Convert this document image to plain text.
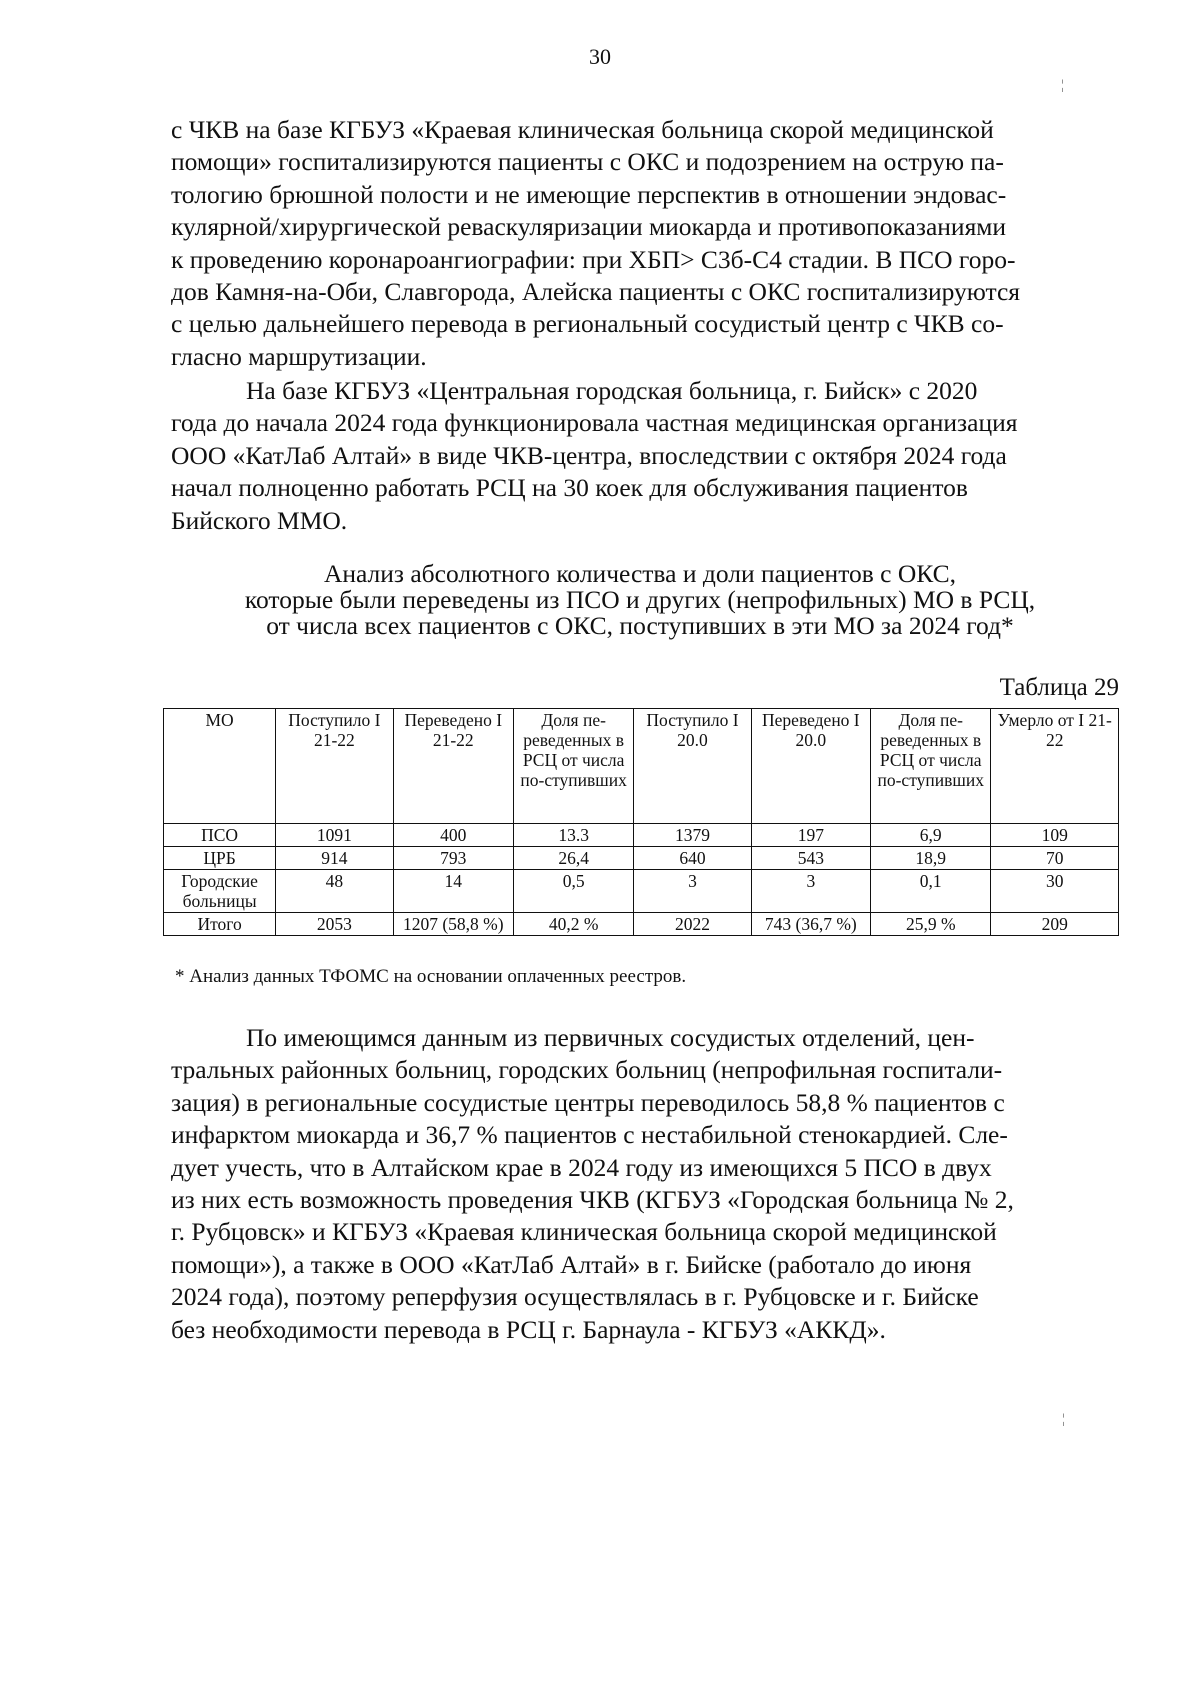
30
с ЧКВ на базе КГБУЗ «Краевая клиническая больница скорой медицинской
помощи» госпитализируются пациенты с ОКС и подозрением на острую па-
тологию брюшной полости и не имеющие перспектив в отношении эндовас-
кулярной/хирургической реваскуляризации миокарда и противопоказаниями
к проведению коронароангиографии: при ХБП> С3б-С4 стадии. В ПСО горо-
дов Камня-на-Оби, Славгорода, Алейска пациенты с ОКС госпитализируются
с целью дальнейшего перевода в региональный сосудистый центр с ЧКВ со-
гласно маршрутизации.
На базе КГБУЗ «Центральная городская больница, г. Бийск» с 2020
года до начала 2024 года функционировала частная медицинская организация
ООО «КатЛаб Алтай» в виде ЧКВ-центра, впоследствии с октября 2024 года
начал полноценно работать РСЦ на 30 коек для обслуживания пациентов
Бийского ММО.
Анализ абсолютного количества и доли пациентов с ОКС,
которые были переведены из ПСО и других (непрофильных) МО в РСЦ,
от числа всех пациентов с ОКС, поступивших в эти МО за 2024 год*
Таблица 29
МО	Поступило I 21-22	Переведено I 21-22	Доля пе-реведенных в РСЦ от числа по-ступивших	Поступило I 20.0	Переведено I 20.0	Доля пе-реведенных в РСЦ от числа по-ступивших	Умерло от I 21-22
ПСО	1091	400	13.3	1379	197	6,9	109
ЦРБ	914	793	26,4	640	543	18,9	70
Городские больницы	48	14	0,5	3	3	0,1	30
Итого	2053	1207 (58,8 %)	40,2 %	2022	743 (36,7 %)	25,9 %	209
* Анализ данных ТФОМС на основании оплаченных реестров.
По имеющимся данным из первичных сосудистых отделений, цен-
тральных районных больниц, городских больниц (непрофильная госпитали-
зация) в региональные сосудистые центры переводилось 58,8 % пациентов с
инфарктом миокарда и 36,7 % пациентов с нестабильной стенокардией. Сле-
дует учесть, что в Алтайском крае в 2024 году из имеющихся 5 ПСО в двух
из них есть возможность проведения ЧКВ (КГБУЗ «Городская больница № 2,
г. Рубцовск» и КГБУЗ «Краевая клиническая больница скорой медицинской
помощи»), а также в ООО «КатЛаб Алтай» в г. Бийске (работало до июня
2024 года), поэтому реперфузия осуществлялась в г. Рубцовске и г. Бийске
без необходимости перевода в РСЦ г. Барнаула - КГБУЗ «АККД».
¦
¦
